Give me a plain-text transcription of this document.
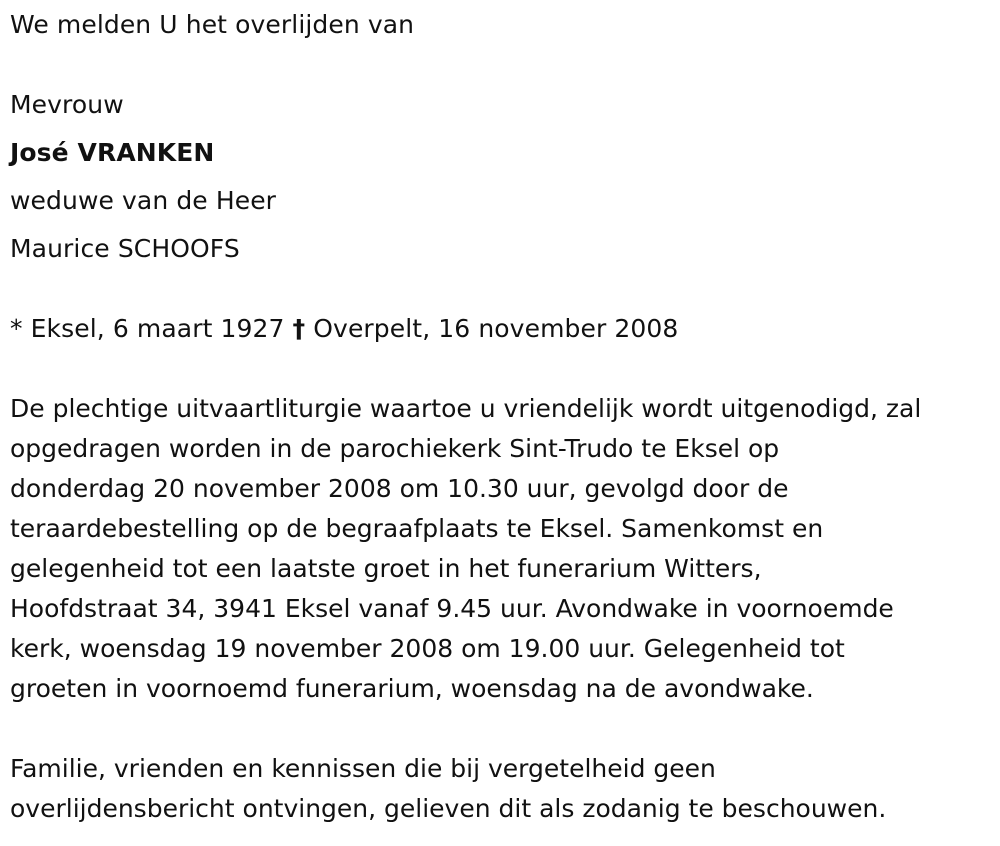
We melden U het overlijden van
Mevrouw
José VRANKEN
weduwe van de Heer
Maurice SCHOOFS
* Eksel, 6 maart 1927 † Overpelt, 16 november 2008
De plechtige uitvaartliturgie waartoe u vriendelijk wordt uitgenodigd, zal
opgedragen worden in de parochiekerk Sint-Trudo te Eksel op
donderdag 20 november 2008 om 10.30 uur, gevolgd door de
teraardebestelling op de begraafplaats te Eksel. Samenkomst en
gelegenheid tot een laatste groet in het funerarium Witters,
Hoofdstraat 34, 3941 Eksel vanaf 9.45 uur. Avondwake in voornoemde
kerk, woensdag 19 november 2008 om 19.00 uur. Gelegenheid tot
groeten in voornoemd funerarium, woensdag na de avondwake.
Familie, vrienden en kennissen die bij vergetelheid geen
overlijdensbericht ontvingen, gelieven dit als zodanig te beschouwen.
